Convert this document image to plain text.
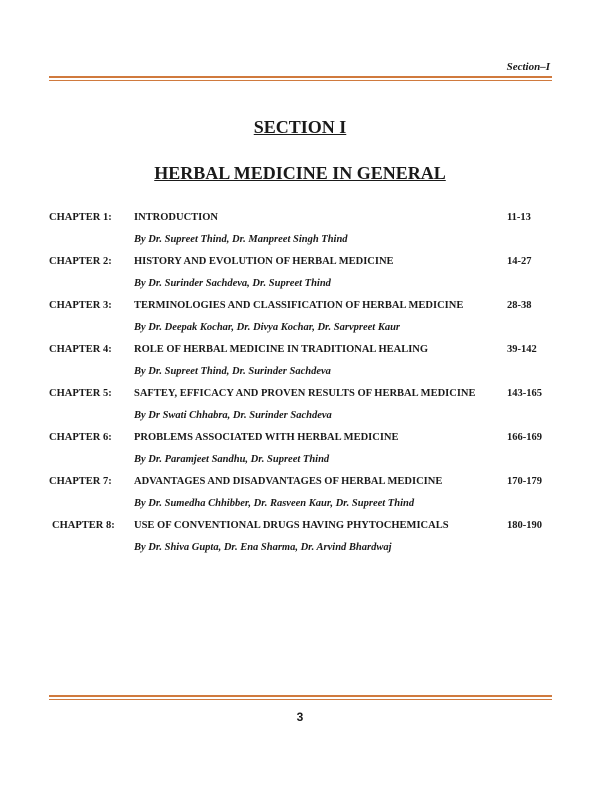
Section–I
SECTION I
HERBAL MEDICINE IN GENERAL
CHAPTER 1: INTRODUCTION	11-13
By Dr. Supreet Thind, Dr. Manpreet Singh Thind
CHAPTER 2: HISTORY AND EVOLUTION OF HERBAL MEDICINE	14-27
By Dr. Surinder Sachdeva, Dr. Supreet Thind
CHAPTER 3: TERMINOLOGIES AND CLASSIFICATION OF HERBAL MEDICINE	28-38
By Dr. Deepak Kochar, Dr. Divya Kochar, Dr. Sarvpreet Kaur
CHAPTER 4: ROLE OF HERBAL MEDICINE IN TRADITIONAL HEALING	39-142
By Dr. Supreet Thind, Dr. Surinder Sachdeva
CHAPTER 5: SAFTEY, EFFICACY AND PROVEN RESULTS OF HERBAL MEDICINE	143-165
By Dr Swati Chhabra, Dr. Surinder Sachdeva
CHAPTER 6: PROBLEMS ASSOCIATED WITH HERBAL MEDICINE	166-169
By Dr. Paramjeet Sandhu, Dr. Supreet Thind
CHAPTER 7: ADVANTAGES AND DISADVANTAGES OF HERBAL MEDICINE	170-179
By Dr. Sumedha Chhibber, Dr. Rasveen Kaur, Dr. Supreet Thind
CHAPTER 8: USE OF CONVENTIONAL DRUGS HAVING PHYTOCHEMICALS	180-190
By Dr. Shiva Gupta, Dr. Ena Sharma, Dr. Arvind Bhardwaj
3
